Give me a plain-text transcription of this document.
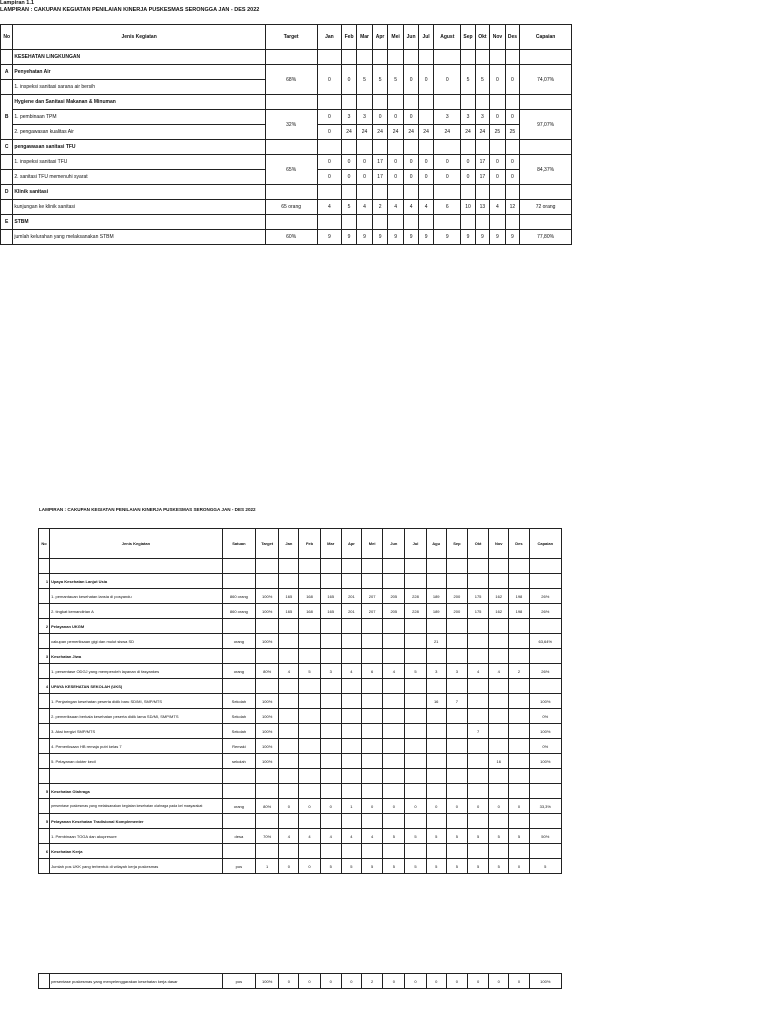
Lampiran 1.1
LAMPIRAN : CAKUPAN KEGIATAN PENILAIAN KINERJA PUSKESMAS SERONGGA JAN - DES 2022
No	Jenis Kegiatan	Target	Jan	Feb	Mar	Apr	Mei	Jun	Jul	Agust	Sep	Okt	Nov	Des	Capaian
	KESEHATAN LINGKUNGAN														
A	Penyehatan Air	68%	0	0	5	5	5	0	0	0	5	5	0	0	74,07%
	1. inspeksi sanitasi sarana air bersih														
B	Hygiene dan Sanitasi Makanan & Minuman														
	1. pembinaan TPM	32%	0	3	3	0	0	0		3	3	3	0	0	97,07%
	2. pengawasan kualitas Air		0	24	24	24	24	24	24	24	24	24	25	25	
C	pengawasan sanitasi TFU														
	1. inspeksi sanitasi TFU	65%	0	0	0	17	0	0	0	0	0	17	0	0	84,37%
	2. sanitasi TFU memenuhi syarat		0	0	0	17	0	0	0	0	0	17	0	0	
D	Klinik sanitasi														
	kunjungan ke klinik sanitasi	65 orang	4	5	4	2	4	4	4	6	10	13	4	12	72 orang
E	STBM														
	jumlah kelurahan yang melaksanakan STBM	60%	9	9	9	9	9	9	9	9	9	9	9	9	77,80%
LAMPIRAN : CAKUPAN KEGIATAN PENILAIAN KINERJA PUSKESMAS SERONGGA JAN - DES 2022
No	Jenis Kegiatan	Satuan	Target	Jan	Feb	Mar	Apr	Mei	Jun	Jul	Agu	Sep	Okt	Nov	Des	Capaian

1	Upaya Kesehatan Lanjut Usia															
	1. pemantauan kesehatan lansia di posyandu	860 orang	100%	165	168	165	201	207	205	228	189	200	175	162	198	26%
	2. tingkat kemandirian A	860 orang	100%	165	168	165	201	207	205	228	189	200	175	162	198	26%
2	Pelayanan UKGM															
	cakupan pemeriksaan gigi dan mulut siswa SD	orang	100%								21					63,64%
3	Kesehatan Jiwa															
	1. persentase ODGJ yang memperoleh layanan di fasyankes	orang	80%	4	5	3	4	6	4	5	3	3	4	4	2	26%
4	UPAYA KESEHATAN SEKOLAH (UKS)															
	1. Penjaringan kesehatan peserta didik baru SD/MI, SMP/MTS	Sekolah	100%								16	7				100%
	2. pemeriksaan berkala kesehatan peserta didik lama SD/MI, SMP/MTS	Sekolah	100%													0%
	3. Aksi bergizi SMP/MTS	Sekolah	100%										7			100%
	4. Pemeriksaan HB remaja putri kelas 7	Remaki	100%													0%
	5. Pelayanan dokter kecil	sekolah	100%											16		100%

5	Kesehatan Olahraga															
	persentase puskesmas yang melaksanakan kegiatan kesehatan olahraga pada kel masyarakat	orang	80%	0	0	0	1	0	0	0	0	0	0	0	0	33,3%
5	Pelayanan Kesehatan Tradisional Komplementer															
	1. Pembinaan TOGA dan akupresure	desa	70%	4	4	4	4	4	5	5	5	5	5	5	5	50%
6	Kesehatan Kerja															
	Jumlah pos UKK yang terbentuk di wilayah kerja puskesmas	pos	1	0	0	5	5	5	5	5	5	5	5	5	0	5
	persentase puskesmas yang menyelenggarakan kesehatan kerja dasar	pos	100%	0	0	0	0	2	0	0	0	0	0	0	0	100%
